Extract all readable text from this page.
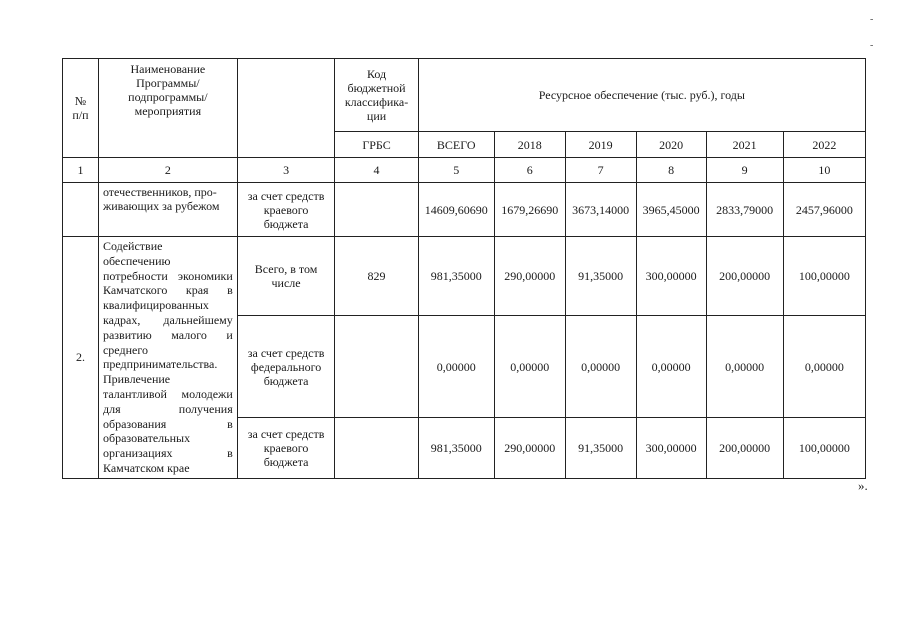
-
-
№
п/п	Наименование
Программы/
подпрограммы/
мероприятия		Код
бюджетной
классифика-
ции	Ресурсное обеспечение (тыс. руб.), годы					
			ГРБС	ВСЕГО	2018	2019	2020	2021	2022
1	2	3	4	5	6	7	8	9	10
	отечественников, про-
живающих за рубежом	за счет средств
краевого
бюджета		14609,60690	1679,26690	3673,14000	3965,45000	2833,79000	2457,96000
2.	Содействие обеспечению потребности экономики Камчатского края в квалифицированных кадрах, дальнейшему развитию малого и среднего предпринимательства. Привлечение талантливой молодежи для получения образования в образовательных организациях в Камчатском крае	Всего, в том
числе	829	981,35000	290,00000	91,35000	300,00000	200,00000	100,00000
		за счет средств
федерального
бюджета		0,00000	0,00000	0,00000	0,00000	0,00000	0,00000
		за счет средств
краевого
бюджета		981,35000	290,00000	91,35000	300,00000	200,00000	100,00000
».
